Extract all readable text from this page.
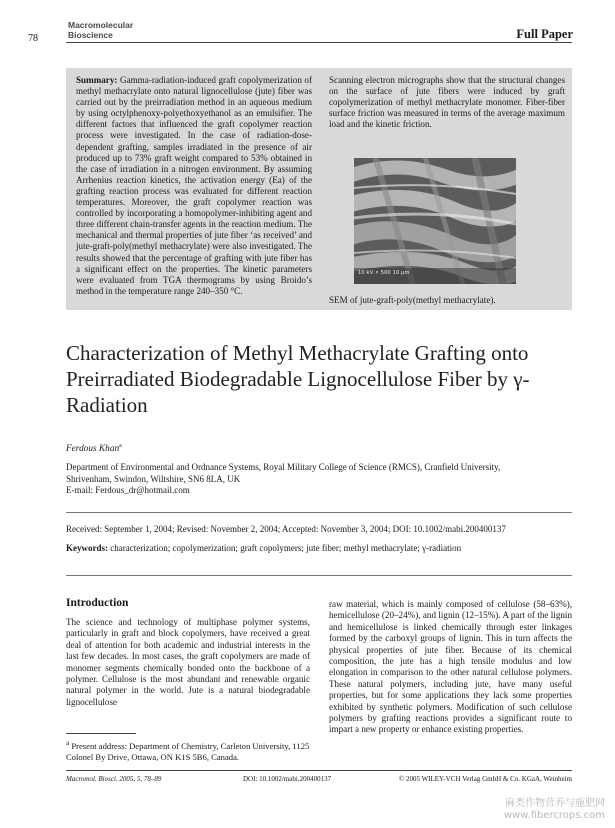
78
Macromolecular
Bioscience	Full Paper
Summary: Gamma-radiation-induced graft copolymerization of methyl methacrylate onto natural lignocellulose (jute) fiber was carried out by the preirradiation method in an aqueous medium by using octylphenoxy-polyethoxyethanol as an emulsifier. The different factors that influenced the graft copolymer reaction process were investigated. In the case of radiation-dose-dependent grafting, samples irradiated in the presence of air produced up to 73% graft weight compared to 53% obtained in the case of irradiation in a nitrogen environment. By assuming Arrhenius reaction kinetics, the activation energy (Ea) of the grafting reaction process was evaluated for different reaction temperatures. Moreover, the graft copolymer reaction was controlled by incorporating a homopolymer-inhibiting agent and three different chain-transfer agents in the reaction medium. The mechanical and thermal properties of jute fiber ‘as received’ and jute-graft-poly(methyl methacrylate) were also investigated. The results showed that the percentage of grafting with jute fiber has a significant effect on the properties. The kinetic parameters were evaluated from TGA thermograms by using Broido’s method in the temperature range 240–350 °C.
Scanning electron micrographs show that the structural changes on the surface of jute fibers were induced by graft copolymerization of methyl methacrylate monomer. Fiber-fiber surface friction was measured in terms of the average maximum load and the kinetic friction.
10 kV × 500 10 µm
SEM of jute-graft-poly(methyl methacrylate).
Characterization of Methyl Methacrylate Grafting onto Preirradiated Biodegradable Lignocellulose Fiber by γ-Radiation
Ferdous Khan$^a$
Department of Environmental and Ordnance Systems, Royal Military College of Science (RMCS), Cranfield University,
Shrivenham, Swindon, Wiltshire, SN6 8LA, UK
E-mail: Ferdous_dr@hotmail.com
Received: September 1, 2004; Revised: November 2, 2004; Accepted: November 3, 2004; DOI: 10.1002/mabi.200400137
Keywords: characterization; copolymerization; graft copolymers; jute fiber; methyl methacrylate; γ-radiation
Introduction
The science and technology of multiphase polymer systems, particularly in graft and block copolymers, have received a great deal of attention for both academic and industrial interests in the last few decades. In most cases, the graft copolymers are made of monomer segments chemically bonded onto the backbone of a polymer. Cellulose is the most abundant and renewable organic natural polymer in the world. Jute is a natural biodegradable lignocellulose
raw material, which is mainly composed of cellulose (58–63%), hemicellulose (20–24%), and lignin (12–15%). A part of the lignin and hemicellulose is linked chemically through ester linkages formed by the carboxyl groups of lignin. This in turn affects the physical properties of jute fiber. Because of its chemical composition, the jute has a high tensile modulus and low elongation in comparison to the other natural cellulose polymers. These natural polymers, including jute, have many useful properties, but for some applications they lack some properties exhibited by synthetic polymers. Modification of such cellulose polymers by grafting reactions provides a significant route to impart a new property or enhance existing properties.
$^a$ Present address: Department of Chemistry, Carleton University, 1125 Colonel By Drive, Ottawa, ON K1S 5B6, Canada.
Macromol. Biosci. 2005, 5, 78–89	DOI: 10.1002/mabi.200400137	© 2005 WILEY-VCH Verlag GmbH & Co. KGaA, Weinheim
麻类作物营养与施肥网
www.fibercrops.com
